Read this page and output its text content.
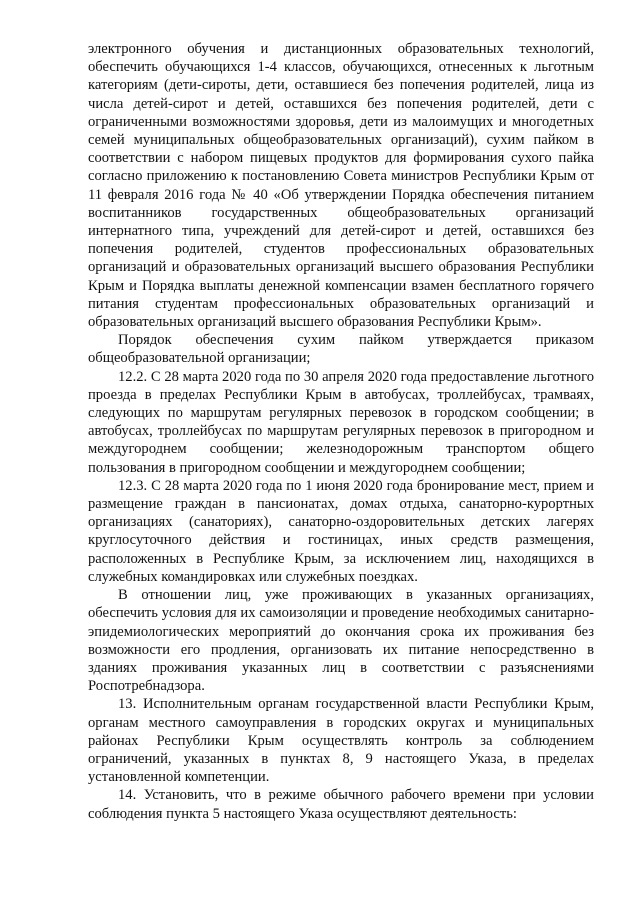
электронного обучения и дистанционных образовательных технологий, обеспечить обучающихся 1-4 классов, обучающихся, отнесенных к льготным категориям (дети-сироты, дети, оставшиеся без попечения родителей, лица из числа детей-сирот и детей, оставшихся без попечения родителей, дети с ограниченными возможностями здоровья, дети из малоимущих и многодетных семей муниципальных общеобразовательных организаций), сухим пайком в соответствии с набором пищевых продуктов для формирования сухого пайка согласно приложению к постановлению Совета министров Республики Крым от 11 февраля 2016 года № 40 «Об утверждении Порядка обеспечения питанием воспитанников государственных общеобразовательных организаций интернатного типа, учреждений для детей-сирот и детей, оставшихся без попечения родителей, студентов профессиональных образовательных организаций и образовательных организаций высшего образования Республики Крым и Порядка выплаты денежной компенсации взамен бесплатного горячего питания студентам профессиональных образовательных организаций и образовательных организаций высшего образования Республики Крым».

Порядок обеспечения сухим пайком утверждается приказом общеобразовательной организации;

12.2. С 28 марта 2020 года по 30 апреля 2020 года предоставление льготного проезда в пределах Республики Крым в автобусах, троллейбусах, трамваях, следующих по маршрутам регулярных перевозок в городском сообщении; в автобусах, троллейбусах по маршрутам регулярных перевозок в пригородном и междугороднем сообщении; железнодорожным транспортом общего пользования в пригородном сообщении и междугороднем сообщении;

12.3. С 28 марта 2020 года по 1 июня 2020 года бронирование мест, прием и размещение граждан в пансионатах, домах отдыха, санаторно-курортных организациях (санаториях), санаторно-оздоровительных детских лагерях круглосуточного действия и гостиницах, иных средств размещения, расположенных в Республике Крым, за исключением лиц, находящихся в служебных командировках или служебных поездках.

В отношении лиц, уже проживающих в указанных организациях, обеспечить условия для их самоизоляции и проведение необходимых санитарно-эпидемиологических мероприятий до окончания срока их проживания без возможности его продления, организовать их питание непосредственно в зданиях проживания указанных лиц в соответствии с разъяснениями Роспотребнадзора.

13. Исполнительным органам государственной власти Республики Крым, органам местного самоуправления в городских округах и муниципальных районах Республики Крым осуществлять контроль за соблюдением ограничений, указанных в пунктах 8, 9 настоящего Указа, в пределах установленной компетенции.

14. Установить, что в режиме обычного рабочего времени при условии соблюдения пункта 5 настоящего Указа осуществляют деятельность:
